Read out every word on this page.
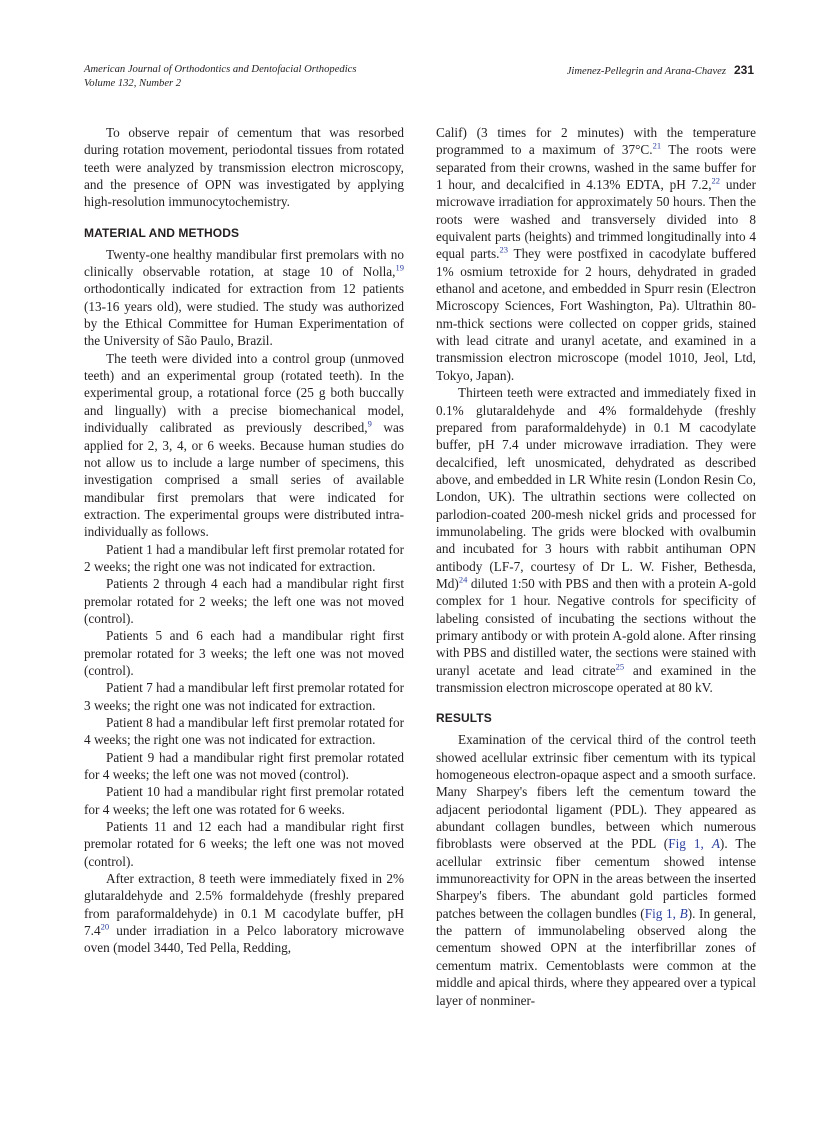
American Journal of Orthodontics and Dentofacial Orthopedics
Volume 132, Number 2
Jimenez-Pellegrin and Arana-Chavez 231

To observe repair of cementum that was resorbed during rotation movement, periodontal tissues from rotated teeth were analyzed by transmission electron microscopy, and the presence of OPN was investigated by applying high-resolution immunocytochemistry.

MATERIAL AND METHODS

Twenty-one healthy mandibular first premolars with no clinically observable rotation, at stage 10 of Nolla,$^{19}$ orthodontically indicated for extraction from 12 patients (13-16 years old), were studied. The study was authorized by the Ethical Committee for Human Experimentation of the University of São Paulo, Brazil.

The teeth were divided into a control group (unmoved teeth) and an experimental group (rotated teeth). In the experimental group, a rotational force (25 g both buccally and lingually) with a precise biomechanical model, individually calibrated as previously described,$^9$ was applied for 2, 3, 4, or 6 weeks. Because human studies do not allow us to include a large number of specimens, this investigation comprised a small series of available mandibular first premolars that were indicated for extraction. The experimental groups were distributed intra-individually as follows.

Patient 1 had a mandibular left first premolar rotated for 2 weeks; the right one was not indicated for extraction.

Patients 2 through 4 each had a mandibular right first premolar rotated for 2 weeks; the left one was not moved (control).

Patients 5 and 6 each had a mandibular right first premolar rotated for 3 weeks; the left one was not moved (control).

Patient 7 had a mandibular left first premolar rotated for 3 weeks; the right one was not indicated for extraction.

Patient 8 had a mandibular left first premolar rotated for 4 weeks; the right one was not indicated for extraction.

Patient 9 had a mandibular right first premolar rotated for 4 weeks; the left one was not moved (control).

Patient 10 had a mandibular right first premolar rotated for 4 weeks; the left one was rotated for 6 weeks.

Patients 11 and 12 each had a mandibular right first premolar rotated for 6 weeks; the left one was not moved (control).

After extraction, 8 teeth were immediately fixed in 2% glutaraldehyde and 2.5% formaldehyde (freshly prepared from paraformaldehyde) in 0.1 M cacodylate buffer, pH 7.4$^{20}$ under irradiation in a Pelco laboratory microwave oven (model 3440, Ted Pella, Redding,

Calif) (3 times for 2 minutes) with the temperature programmed to a maximum of 37°C.$^{21}$ The roots were separated from their crowns, washed in the same buffer for 1 hour, and decalcified in 4.13% EDTA, pH 7.2,22 under microwave irradiation for approximately 50 hours. Then the roots were washed and transversely divided into 8 equivalent parts (heights) and trimmed longitudinally into 4 equal parts.$^{23}$ They were postfixed in cacodylate buffered 1% osmium tetroxide for 2 hours, dehydrated in graded ethanol and acetone, and embedded in Spurr resin (Electron Microscopy Sciences, Fort Washington, Pa). Ultrathin 80-nm-thick sections were collected on copper grids, stained with lead citrate and uranyl acetate, and examined in a transmission electron microscope (model 1010, Jeol, Ltd, Tokyo, Japan).

Thirteen teeth were extracted and immediately fixed in 0.1% glutaraldehyde and 4% formaldehyde (freshly prepared from paraformaldehyde) in 0.1 M cacodylate buffer, pH 7.4 under microwave irradiation. They were decalcified, left unosmicated, dehydrated as described above, and embedded in LR White resin (London Resin Co, London, UK). The ultrathin sections were collected on parlodion-coated 200-mesh nickel grids and processed for immunolabeling. The grids were blocked with ovalbumin and incubated for 3 hours with rabbit antihuman OPN antibody (LF-7, courtesy of Dr L. W. Fisher, Bethesda, Md)$^{24}$ diluted 1:50 with PBS and then with a protein A-gold complex for 1 hour. Negative controls for specificity of labeling consisted of incubating the sections without the primary antibody or with protein A-gold alone. After rinsing with PBS and distilled water, the sections were stained with uranyl acetate and lead citrate$^{25}$ and examined in the transmission electron microscope operated at 80 kV.

RESULTS

Examination of the cervical third of the control teeth showed acellular extrinsic fiber cementum with its typical homogeneous electron-opaque aspect and a smooth surface. Many Sharpey's fibers left the cementum toward the adjacent periodontal ligament (PDL). They appeared as abundant collagen bundles, between which numerous fibroblasts were observed at the PDL (Fig 1, A). The acellular extrinsic fiber cementum showed intense immunoreactivity for OPN in the areas between the inserted Sharpey's fibers. The abundant gold particles formed patches between the collagen bundles (Fig 1, B). In general, the pattern of immunolabeling observed along the cementum showed OPN at the interfibrillar zones of cementum matrix. Cementoblasts were common at the middle and apical thirds, where they appeared over a typical layer of nonminer-
